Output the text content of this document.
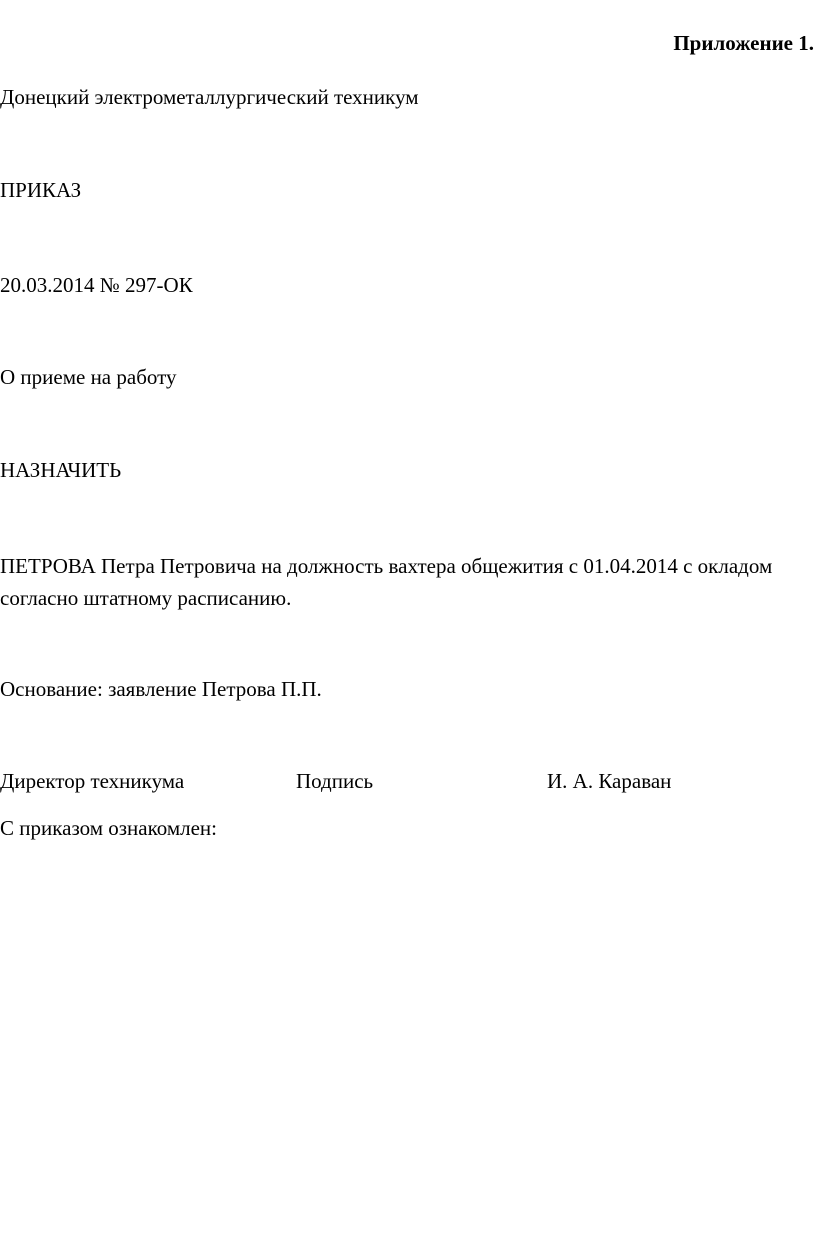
Приложение 1.
Донецкий электрометаллургический техникум
ПРИКАЗ
20.03.2014 № 297-ОК
О приеме на работу
НАЗНАЧИТЬ
ПЕТРОВА Петра Петровича на должность вахтера общежития с 01.04.2014 с окладом согласно штатному расписанию.
Основание: заявление Петрова П.П.
Директор техникума	Подпись	И. А. Караван
С приказом ознакомлен:
